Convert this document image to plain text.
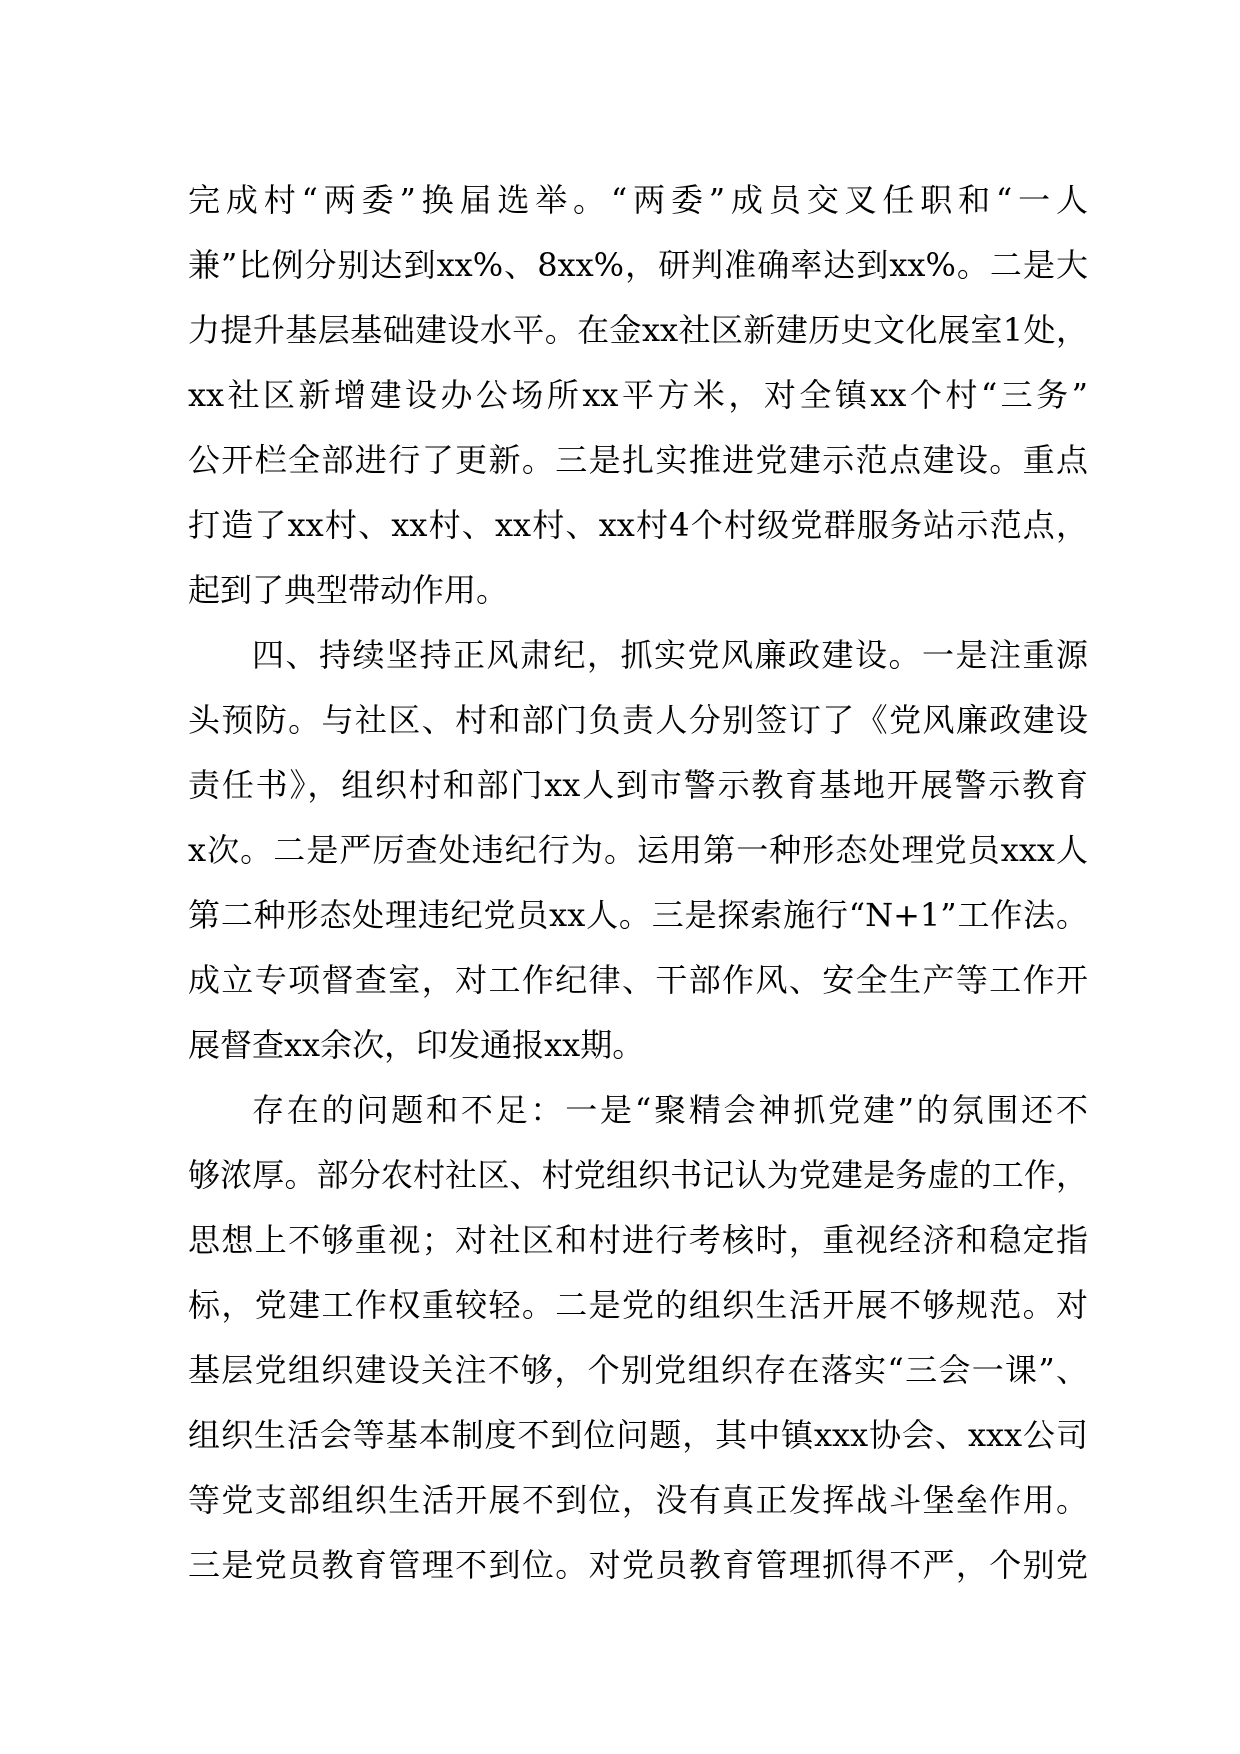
完成村“两委”换届选举。“两委”成员交叉任职和“一人
兼”比例分别达到xx%、8xx%，研判准确率达到xx%。二是大
力提升基层基础建设水平。在金xx社区新建历史文化展室1处，
xx社区新增建设办公场所xx平方米，对全镇xx个村“三务”
公开栏全部进行了更新。三是扎实推进党建示范点建设。重点
打造了xx村、xx村、xx村、xx村4个村级党群服务站示范点，
起到了典型带动作用。
四、持续坚持正风肃纪，抓实党风廉政建设。一是注重源
头预防。与社区、村和部门负责人分别签订了《党风廉政建设
责任书》，组织村和部门xx人到市警示教育基地开展警示教育
x次。二是严厉查处违纪行为。运用第一种形态处理党员xxx人
第二种形态处理违纪党员xx人。三是探索施行“N+1”工作法。
成立专项督查室，对工作纪律、干部作风、安全生产等工作开
展督查xx余次，印发通报xx期。
存在的问题和不足：一是“聚精会神抓党建”的氛围还不
够浓厚。部分农村社区、村党组织书记认为党建是务虚的工作，
思想上不够重视；对社区和村进行考核时，重视经济和稳定指
标，党建工作权重较轻。二是党的组织生活开展不够规范。对
基层党组织建设关注不够，个别党组织存在落实“三会一课”、
组织生活会等基本制度不到位问题，其中镇xxx协会、xxx公司
等党支部组织生活开展不到位，没有真正发挥战斗堡垒作用。
三是党员教育管理不到位。对党员教育管理抓得不严，个别党
